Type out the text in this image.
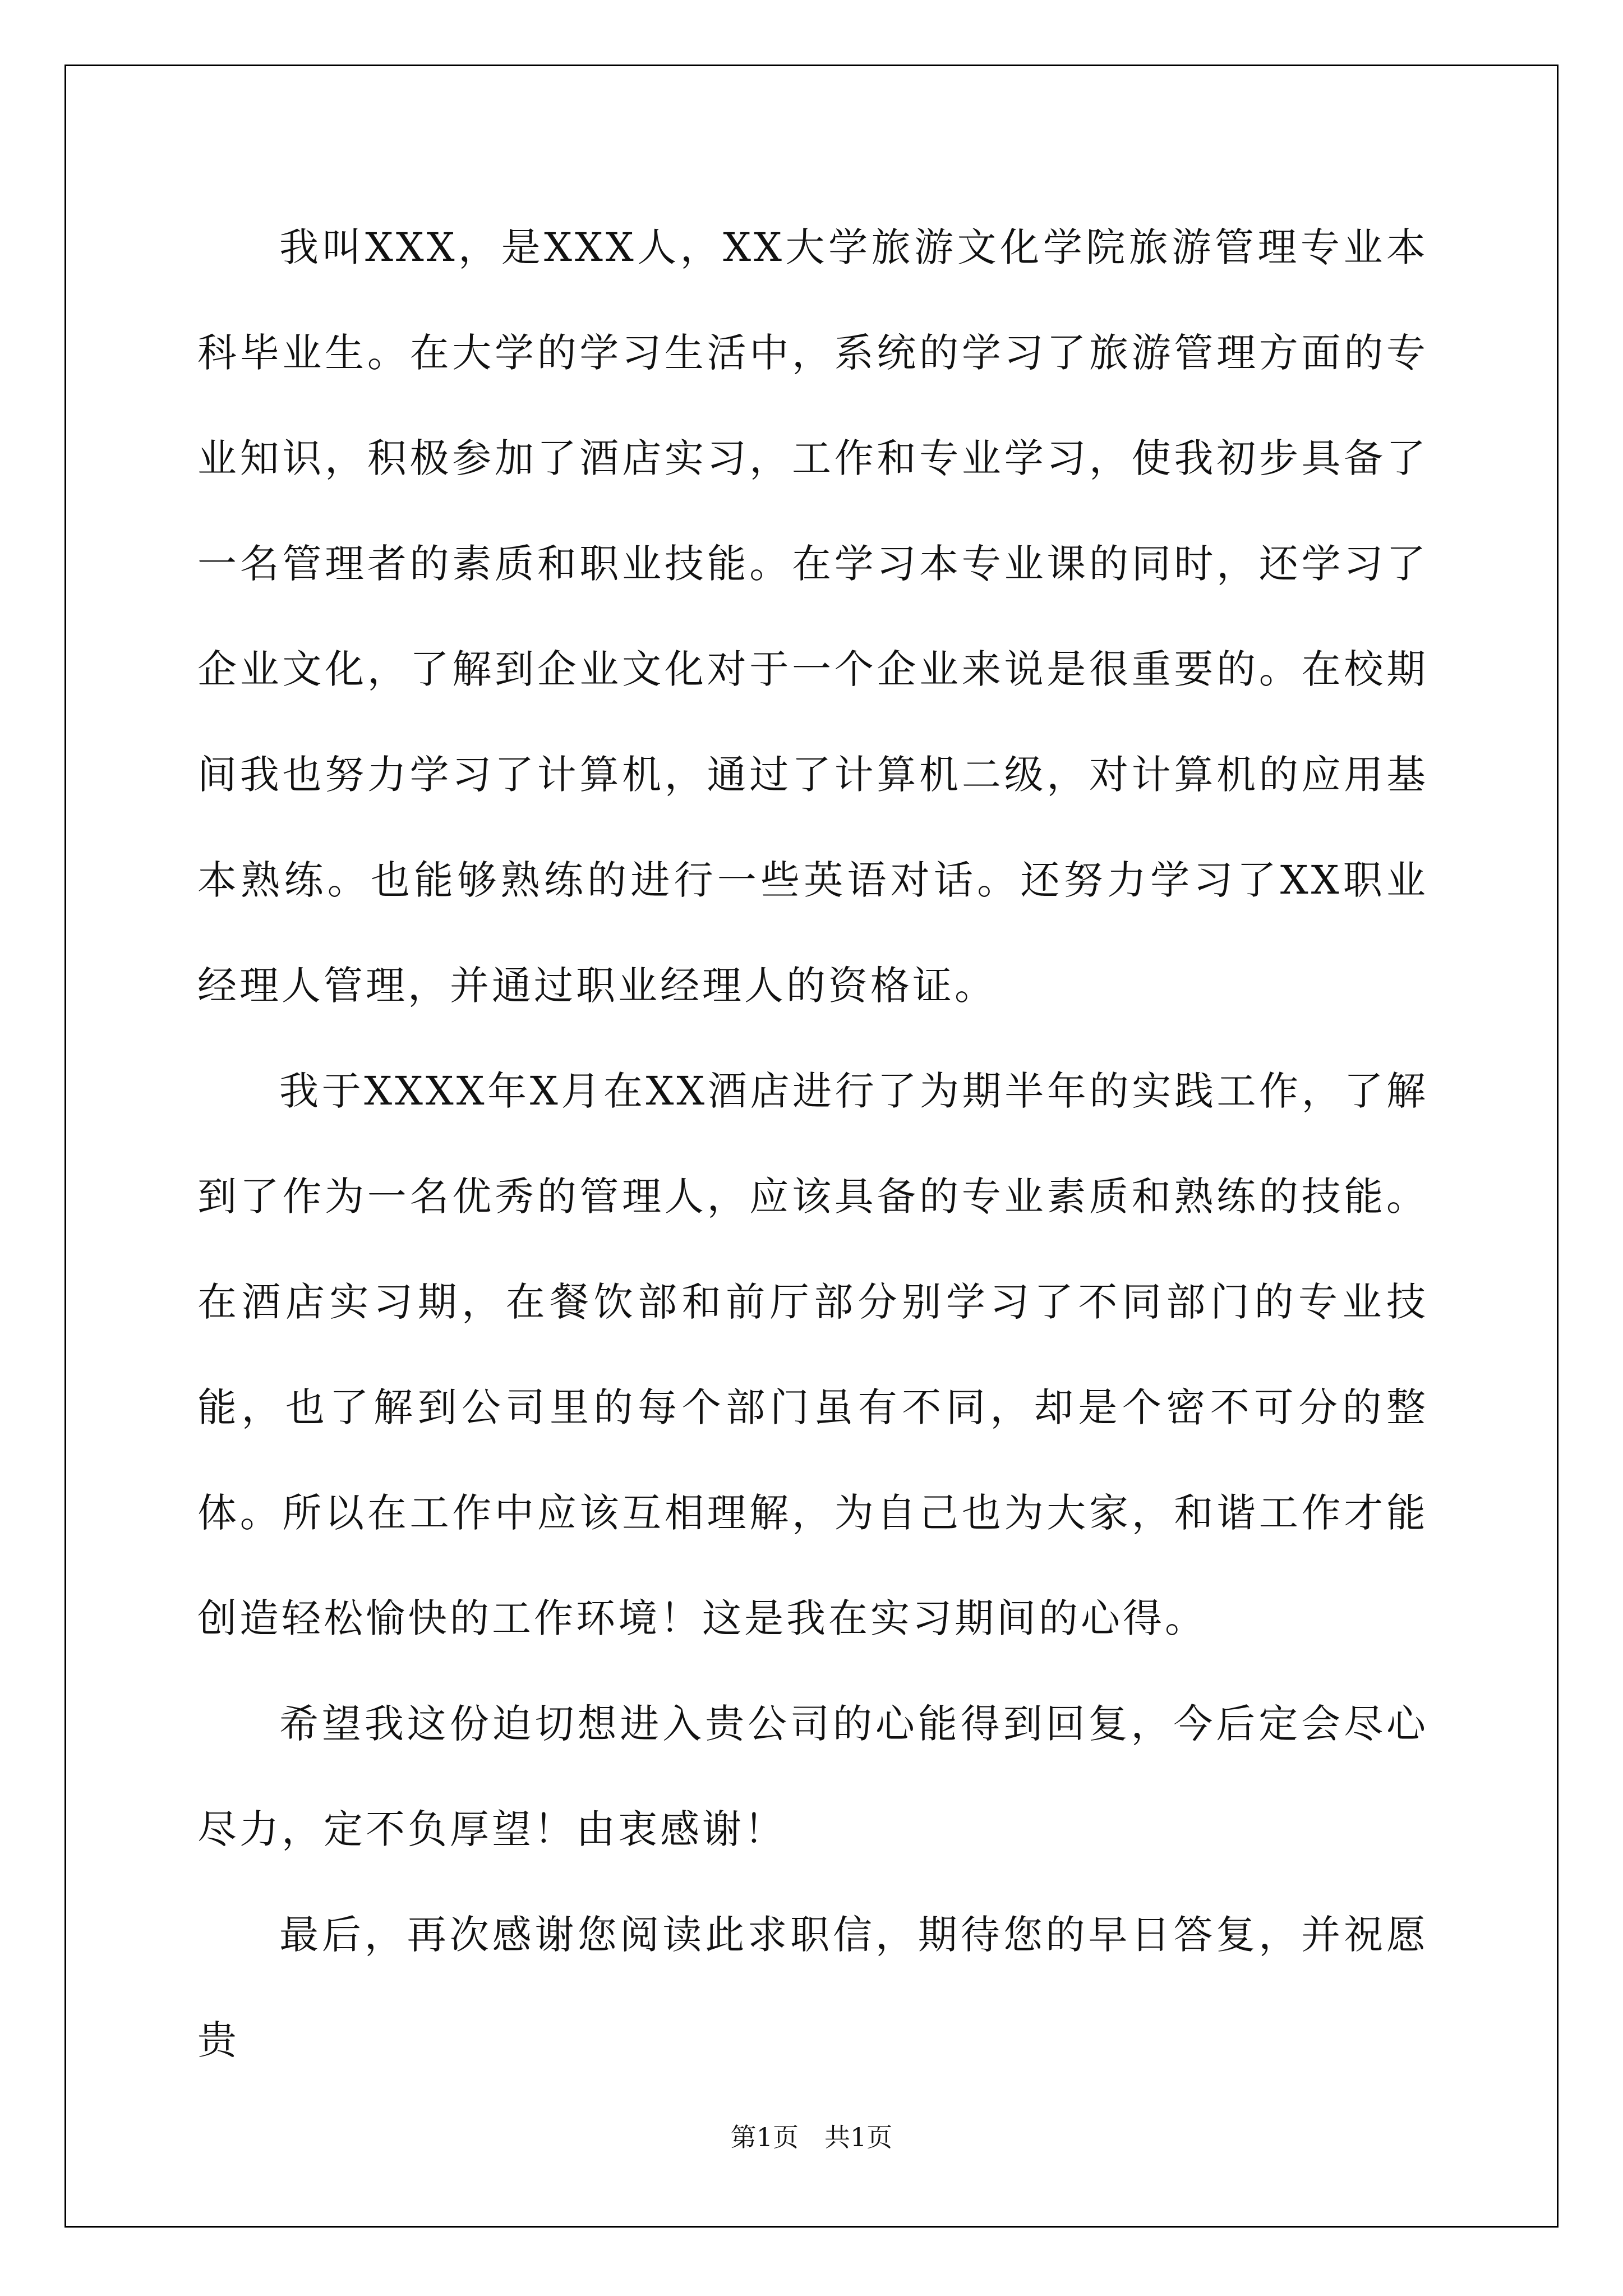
我叫XXX，是XXX人，XX大学旅游文化学院旅游管理专业本科毕业生。在大学的学习生活中，系统的学习了旅游管理方面的专业知识，积极参加了酒店实习，工作和专业学习，使我初步具备了一名管理者的素质和职业技能。在学习本专业课的同时，还学习了企业文化，了解到企业文化对于一个企业来说是很重要的。在校期间我也努力学习了计算机，通过了计算机二级，对计算机的应用基本熟练。也能够熟练的进行一些英语对话。还努力学习了XX职业经理人管理，并通过职业经理人的资格证。

我于XXXX年X月在XX酒店进行了为期半年的实践工作，了解到了作为一名优秀的管理人，应该具备的专业素质和熟练的技能。在酒店实习期，在餐饮部和前厅部分别学习了不同部门的专业技能，也了解到公司里的每个部门虽有不同，却是个密不可分的整体。所以在工作中应该互相理解，为自己也为大家，和谐工作才能创造轻松愉快的工作环境！这是我在实习期间的心得。

希望我这份迫切想进入贵公司的心能得到回复，今后定会尽心尽力，定不负厚望！由衷感谢！

最后，再次感谢您阅读此求职信，期待您的早日答复，并祝愿贵

第1页　共1页
